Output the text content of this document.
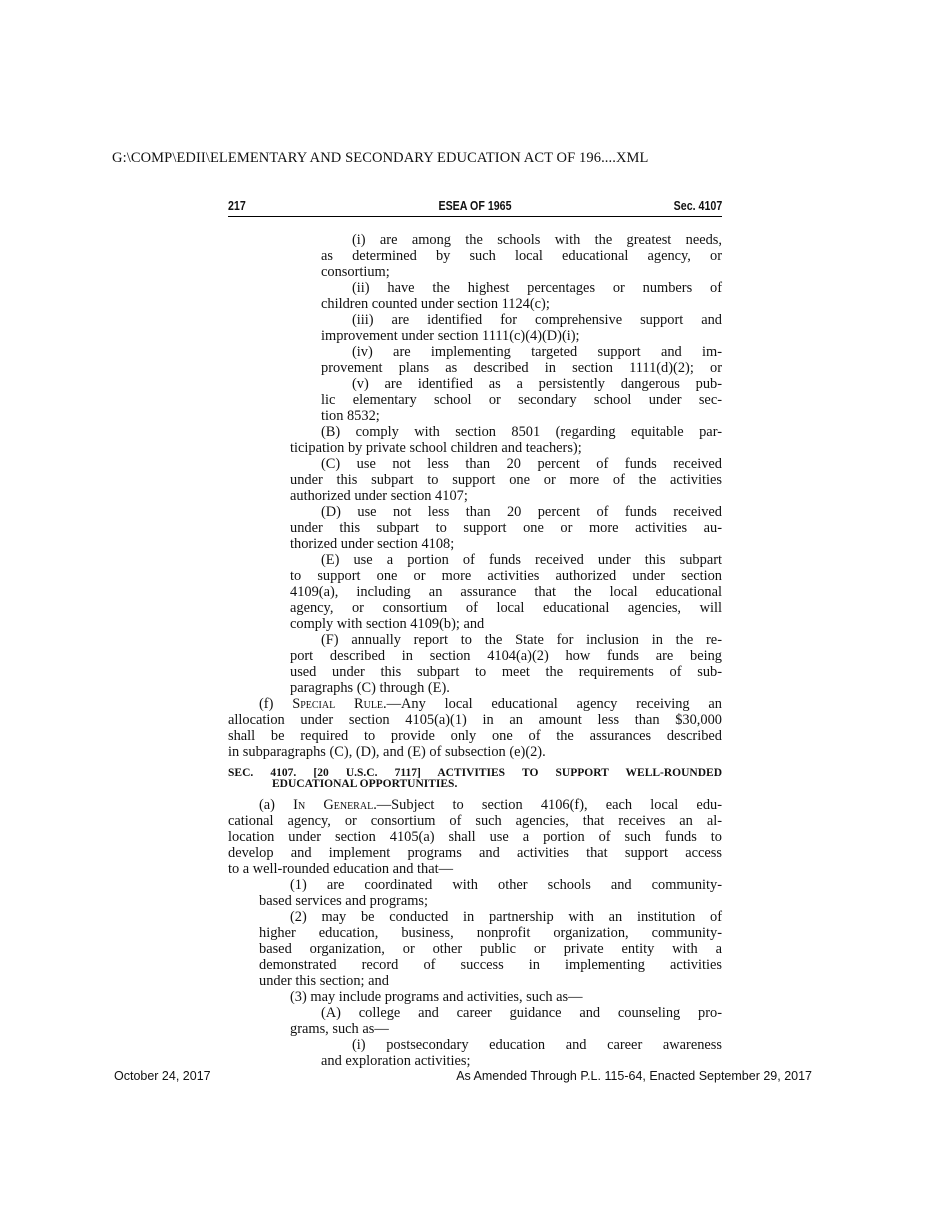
G:\COMP\EDII\ELEMENTARY AND SECONDARY EDUCATION ACT OF 196....XML
217	ESEA OF 1965	Sec. 4107
(i) are among the schools with the greatest needs,
as determined by such local educational agency, or
consortium;
(ii) have the highest percentages or numbers of
children counted under section 1124(c);
(iii) are identified for comprehensive support and
improvement under section 1111(c)(4)(D)(i);
(iv) are implementing targeted support and im-
provement plans as described in section 1111(d)(2); or
(v) are identified as a persistently dangerous pub-
lic elementary school or secondary school under sec-
tion 8532;
(B) comply with section 8501 (regarding equitable par-
ticipation by private school children and teachers);
(C) use not less than 20 percent of funds received
under this subpart to support one or more of the activities
authorized under section 4107;
(D) use not less than 20 percent of funds received
under this subpart to support one or more activities au-
thorized under section 4108;
(E) use a portion of funds received under this subpart
to support one or more activities authorized under section
4109(a), including an assurance that the local educational
agency, or consortium of local educational agencies, will
comply with section 4109(b); and
(F) annually report to the State for inclusion in the re-
port described in section 4104(a)(2) how funds are being
used under this subpart to meet the requirements of sub-
paragraphs (C) through (E).
(f) Special Rule.—Any local educational agency receiving an
allocation under section 4105(a)(1) in an amount less than $30,000
shall be required to provide only one of the assurances described
in subparagraphs (C), (D), and (E) of subsection (e)(2).
SEC. 4107. [20 U.S.C. 7117] ACTIVITIES TO SUPPORT WELL-ROUNDED
EDUCATIONAL OPPORTUNITIES.
(a) In General.—Subject to section 4106(f), each local edu-
cational agency, or consortium of such agencies, that receives an al-
location under section 4105(a) shall use a portion of such funds to
develop and implement programs and activities that support access
to a well-rounded education and that—
(1) are coordinated with other schools and community-
based services and programs;
(2) may be conducted in partnership with an institution of
higher education, business, nonprofit organization, community-
based organization, or other public or private entity with a
demonstrated record of success in implementing activities
under this section; and
(3) may include programs and activities, such as—
(A) college and career guidance and counseling pro-
grams, such as—
(i) postsecondary education and career awareness
and exploration activities;
October 24, 2017	As Amended Through P.L. 115-64, Enacted September 29, 2017
